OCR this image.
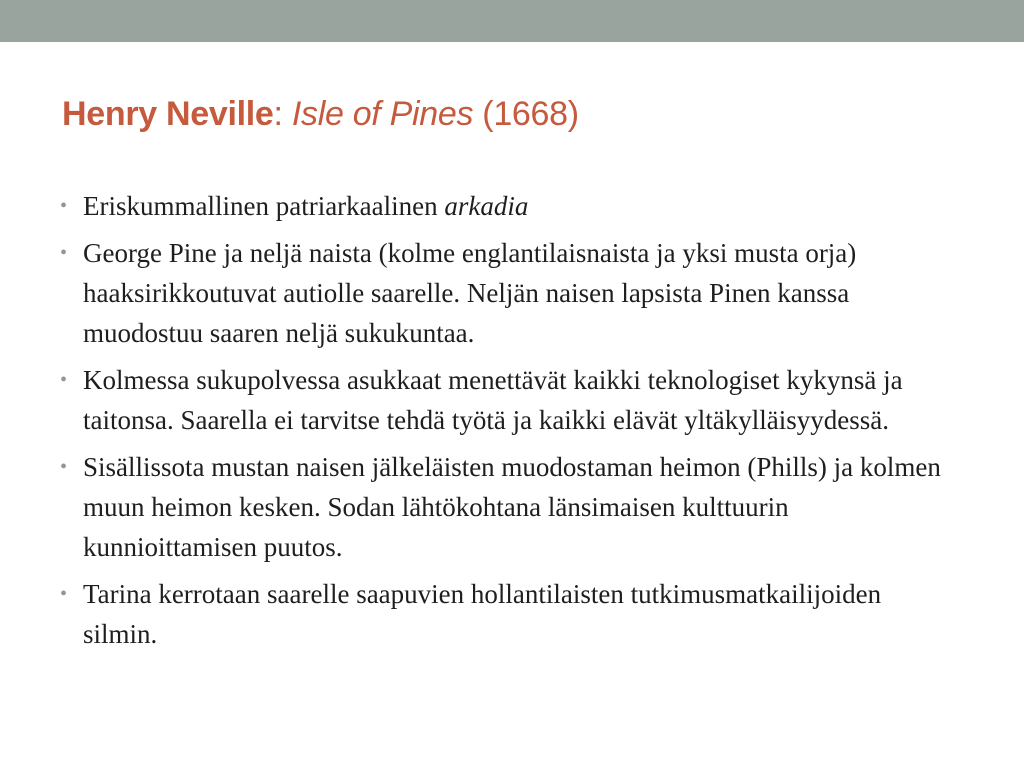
Henry Neville: Isle of Pines (1668)
• Eriskummallinen patriarkaalinen arkadia
• George Pine ja neljä naista (kolme englantilaisnaista ja yksi musta orja) haaksirikkoutuvat autiolle saarelle. Neljän naisen lapsista Pinen kanssa muodostuu saaren neljä sukukuntaa.
• Kolmessa sukupolvessa asukkaat menettävät kaikki teknologiset kykynsä ja taitonsa. Saarella ei tarvitse tehdä työtä ja kaikki elävät yltäkylläisyydessä.
• Sisällissota mustan naisen jälkeläisten muodostaman heimon (Phills) ja kolmen muun heimon kesken. Sodan lähtökohtana länsimaisen kulttuurin kunnioittamisen puutos.
• Tarina kerrotaan saarelle saapuvien hollantilaisten tutkimusmatkailijoiden silmin.
